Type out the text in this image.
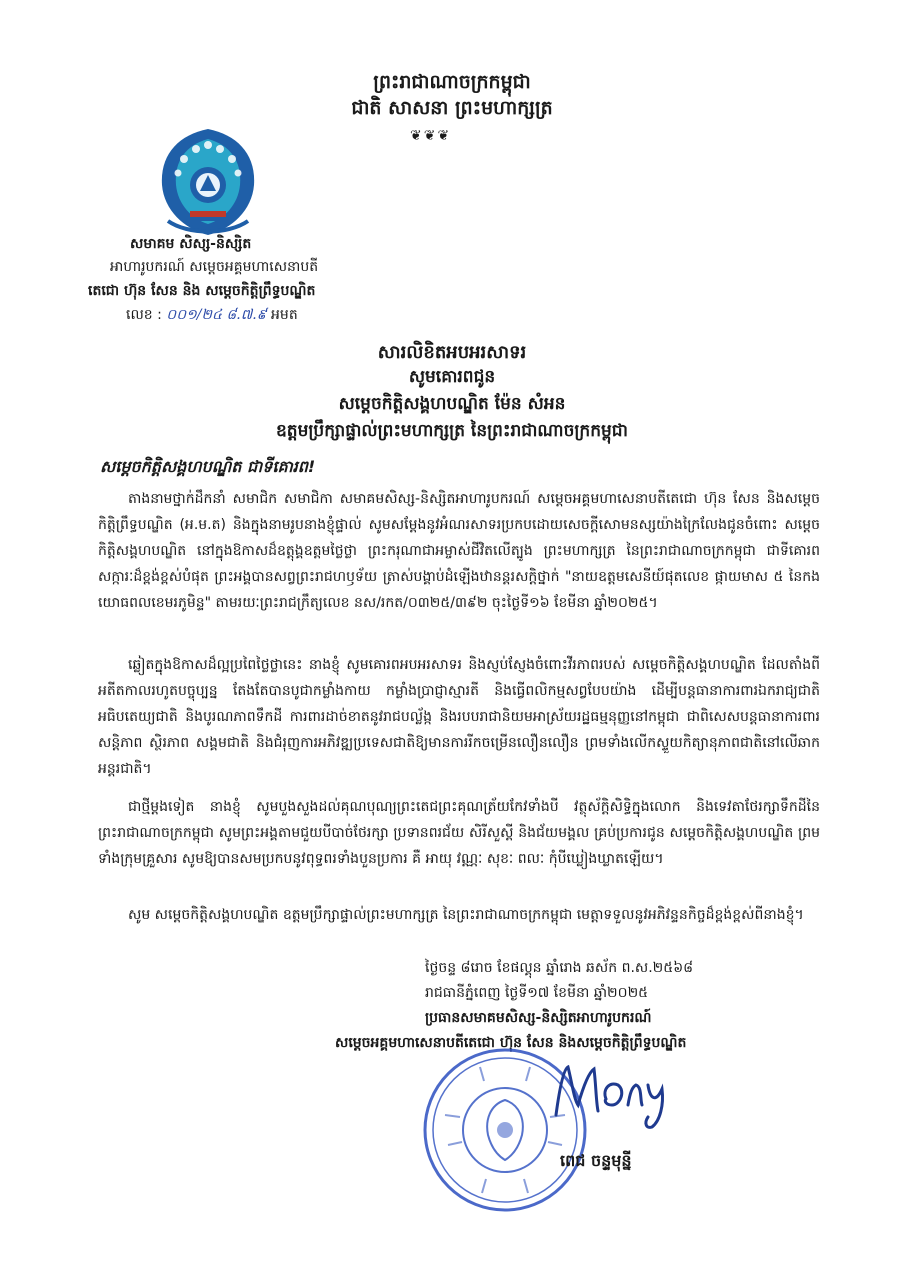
ព្រះរាជាណាចក្រកម្ពុជា
ជាតិ សាសនា ព្រះមហាក្សត្រ
❦❦❦
សមាគម សិស្ស-និស្សិត
អាហារូបករណ៍ សម្ដេចអគ្គមហាសេនាបតី
តេជោ ហ៊ុន សែន និង សម្ដេចកិត្តិព្រឹទ្ធបណ្ឌិត
លេខ : ០០១/២៤ ៨.៧.៩ អមត
សារលិខិតអបអរសាទរ
សូមគោរពជូន
សម្ដេចកិត្តិសង្គហបណ្ឌិត ម៉ែន សំអន
ឧត្តមប្រឹក្សាផ្ទាល់ព្រះមហាក្សត្រ នៃព្រះរាជាណាចក្រកម្ពុជា
សម្ដេចកិត្តិសង្គហបណ្ឌិត ជាទីគោរព!
តាងនាមថ្នាក់ដឹកនាំ សមាជិក សមាជិកា សមាគមសិស្ស-និស្សិតអាហារូបករណ៍ សម្ដេចអគ្គមហាសេនាបតីតេជោ ហ៊ុន សែន និងសម្ដេចកិត្តិព្រឹទ្ធបណ្ឌិត (អ.ម.ត) និងក្នុងនាមរូបនាងខ្ញុំផ្ទាល់ សូមសម្ដែងនូវអំណរសាទរប្រកបដោយសេចក្ដីសោមនស្សយ៉ាងក្រៃលែងជូនចំពោះ សម្ដេចកិត្តិសង្គហបណ្ឌិត នៅក្នុងឱកាសដ៏ឧត្ដុង្គឧត្ដមថ្លៃថ្លា ព្រះករុណាជាអម្ចាស់ជីវិតលើត្បូង ព្រះមហាក្សត្រ នៃព្រះរាជាណាចក្រកម្ពុជា ជាទីគោរពសក្ការៈដ៏ខ្ពង់ខ្ពស់បំផុត ព្រះអង្គបានសព្វព្រះរាជហឫទ័យ ត្រាស់បង្គាប់ដំឡើងឋានន្តរសក្តិថ្នាក់ "នាយឧត្តមសេនីយ៍ផុតលេខ ផ្កាយមាស ៥ នៃកងយោធពលខេមរភូមិន្ទ" តាមរយៈព្រះរាជក្រឹត្យលេខ នស/រកត/០៣២៥/៣៩២ ចុះថ្ងៃទី១៦ ខែមីនា ឆ្នាំ២០២៥។
ឆ្លៀតក្នុងឱកាសដ៏ល្អប្រពៃថ្លៃថ្លានេះ នាងខ្ញុំ សូមគោរពអបអរសាទរ និងស្ញប់ស្ញែងចំពោះវីរភាពរបស់ សម្ដេចកិត្តិសង្គហបណ្ឌិត ដែលតាំងពីអតីតកាលរហូតបច្ចុប្បន្ន តែងតែបានបូជាកម្លាំងកាយ កម្លាំងប្រាជ្ញាស្មារតី និងធ្វើពលិកម្មសព្វបែបយ៉ាង ដើម្បីបន្តធានាការពារឯករាជ្យជាតិ អធិបតេយ្យជាតិ និងបូរណភាពទឹកដី ការពារដាច់ខាតនូវរាជបល្ល័ង្ក និងរបបរាជានិយមអាស្រ័យរដ្ឋធម្មនុញ្ញនៅកម្ពុជា ជាពិសេសបន្តធានាការពារ សន្តិភាព ស្ថិរភាព សង្គមជាតិ និងជំរុញការអភិវឌ្ឍប្រទេសជាតិឱ្យមានការរីកចម្រើនលឿនលឿន ព្រមទាំងលើកស្ទួយកិត្យានុភាពជាតិនៅលើឆាកអន្តរជាតិ។
ជាថ្មីម្ដងទៀត នាងខ្ញុំ សូមបួងសួងដល់គុណបុណ្យព្រះតេជព្រះគុណត្រ័យកែវទាំងបី វត្ថុស័ក្តិសិទ្ធិក្នុងលោក និងទេវតាថែរក្សាទឹកដីនៃព្រះរាជាណាចក្រកម្ពុជា សូមព្រះអង្គតាមជួយបីបាច់ថែរក្សា ប្រទានពរជ័យ សិរីសួស្ដី និងជ័យមង្គល គ្រប់ប្រការជូន សម្ដេចកិត្តិសង្គហបណ្ឌិត ព្រមទាំងក្រុមគ្រួសារ សូមឱ្យបានសមប្រកបនូវពុទ្ធពរទាំងបួនប្រការ គឺ អាយុ វណ្ណៈ សុខៈ ពលៈ កុំបីឃ្លៀងឃ្លាតឡើយ។
សូម សម្ដេចកិត្តិសង្គហបណ្ឌិត ឧត្តមប្រឹក្សាផ្ទាល់ព្រះមហាក្សត្រ នៃព្រះរាជាណាចក្រកម្ពុជា មេត្តាទទួលនូវអភិវន្ទនកិច្ចដ៏ខ្ពង់ខ្ពស់ពីនាងខ្ញុំ។
ថ្ងៃចន្ទ ៨រោច ខែផល្គុន ឆ្នាំរោង ឆស័ក ព.ស.២៥៦៨
រាជធានីភ្នំពេញ ថ្ងៃទី១៧ ខែមីនា ឆ្នាំ២០២៥
ប្រធានសមាគមសិស្ស-និស្សិតអាហារូបករណ៍
សម្ដេចអគ្គមហាសេនាបតីតេជោ ហ៊ុន សែន និងសម្ដេចកិត្តិព្រឹទ្ធបណ្ឌិត
ពេជ ចន្ទមុន្នី
